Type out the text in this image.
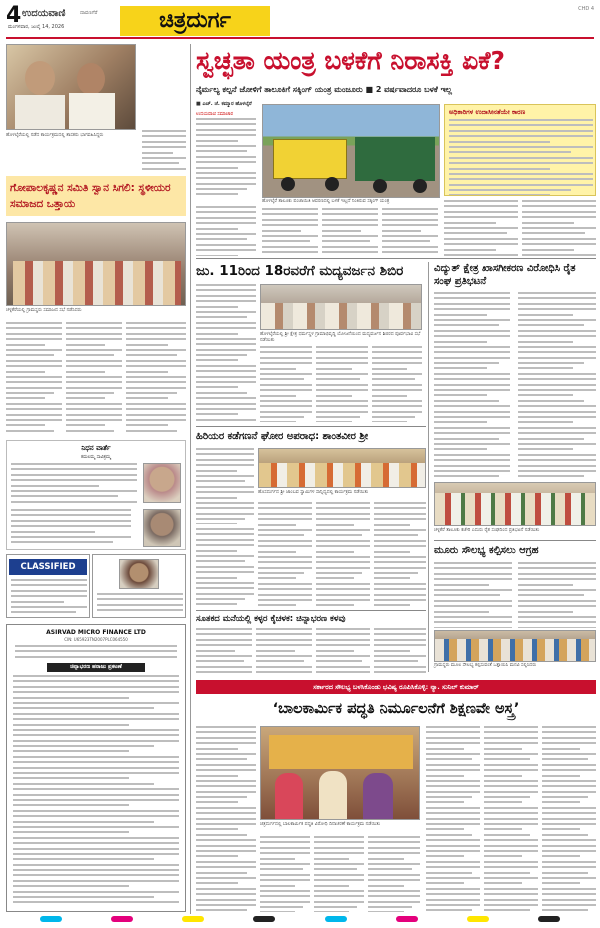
4 ಉದಯವಾಣಿ	ದಾವಣಗೆರೆ
ಮಂಗಳವಾರ, ಜುಲೈ 14, 2026	ಚಿತ್ರದುರ್ಗ	CHD 4
ಹೊಳಲ್ಕೆರೆಯಲ್ಲಿ ನಡೆದ ಕಾರ್ಯಕ್ರಮದಲ್ಲಿ ಶಾಸಕರು ಭಾಗವಹಿಸಿದ್ದರು
ಗೋಪಾಲಕೃಷ್ಣನ ಸಮಿತಿ ಸ್ವಾನ ಸಿಗಲಿ: ಸ್ಥಳೀಯರ ಸಮಾಜದ ಒತ್ತಾಯ
ಚಳ್ಳಕೆರೆಯಲ್ಲಿ ಗ್ರಾಮಸ್ಥರು ಸಮಾಜದ ಸಭೆ ನಡೆಸಿದರು
ನಿಧನ ವಾರ್ತೆ
ಕಮಲಮ್ಮ ಸಾವಿತ್ರಮ್ಮ
CLASSIFIED
ASIRVAD MICRO FINANCE LTD
CIN: U65923TN2007PLC064550
ಚಿನ್ನಾಭರಣ ಹರಾಜು ಪ್ರಕಟಣೆ
ಸ್ವಚ್ಛತಾ ಯಂತ್ರ ಬಳಕೆಗೆ ನಿರಾಸಕ್ತಿ ಏಕೆ?
ನೈರ್ಮಲ್ಯ ಕಲ್ಪನೆ ಜೋಳಿಗೆ ತಾಲೂಕಿಗೆ ಸಕ್ಕಿಂಗ್ ಯಂತ್ರ ಮಂಜೂರು ■ 2 ವರ್ಷವಾದರೂ ಬಳಕೆ ಇಲ್ಲ
■ ಎಚ್. ಜೆ. ಕಮ್ಮಾರ ಹೊಳಲ್ಕೆರೆ
ಉದಯವಾಣಿ ಸಮಾಚಾರ
ಹೊಳಲ್ಕೆರೆ ತಾಲೂಕು ಪಂಚಾಯಿತಿ ಆವರಣದಲ್ಲಿ ಬಳಕೆ ಇಲ್ಲದೆ ನಿಂತಿರುವ ಸಕ್ಕಿಂಗ್ ಯಂತ್ರ
ಅಧಿಕಾರಿಗಳ ಉದಾಸೀನತೆಯೇ ಕಾರಣ
ಜು. 11ರಿಂದ 18ರವರೆಗೆ ಮದ್ಯವರ್ಜನ ಶಿಬಿರ
ಹೊಳಲ್ಕೆರೆಯಲ್ಲಿ ಶ್ರೀ ಕ್ಷೇತ್ರ ಧರ್ಮಸ್ಥಳ ಗ್ರಾಮಾಭಿವೃದ್ಧಿ ಯೋಜನೆಯಿಂದ ಮದ್ಯವರ್ಜನ ಶಿಬಿರದ ಪೂರ್ವಭಾವಿ ಸಭೆ ನಡೆಯಿತು
ವಿದ್ಯುತ್ ಕ್ಷೇತ್ರ ಖಾಸಗೀಕರಣ ವಿರೋಧಿಸಿ ರೈತ ಸಂಘ ಪ್ರತಿಭಟನೆ
ಚಳ್ಳಕೆರೆ ತಾಲೂಕು ಕಚೇರಿ ಎದುರು ರೈತ ಸಂಘದಿಂದ ಪ್ರತಿಭಟನೆ ನಡೆಯಿತು
ಹಿರಿಯರ ಕಡೆಗಣನೆ ಘೋರ ಅಪರಾಧ: ಶಾಂತವೀರ ಶ್ರೀ
ಹೊಸದುರ್ಗದ ಶ್ರೀ ಜಾಂಬವ ಸ್ವಾಮಿಗಳ ಸಾನ್ನಿಧ್ಯದಲ್ಲಿ ಕಾರ್ಯಕ್ರಮ ನಡೆಯಿತು
ಮೂರು ಸೌಲಭ್ಯ ಕಲ್ಪಿಸಲು ಆಗ್ರಹ
ಗ್ರಾಮಸ್ಥರು ಮೂಲ ಸೌಲಭ್ಯ ಕಲ್ಪಿಸುವಂತೆ ಒತ್ತಾಯಿಸಿ ಮನವಿ ಸಲ್ಲಿಸಿದರು
ಸೂತಕದ ಮನೆಯಲ್ಲಿ ಕಳ್ಳರ ಕೈಚಳಕ: ಚಿನ್ನಾಭರಣ ಕಳವು
ಸರ್ಕಾರದ ಸೌಲಭ್ಯ ಬಳಸಿಕೊಂಡು ಭವಿಷ್ಯ ರೂಪಿಸಿಕೊಳ್ಳಿ: ನ್ಯಾ. ಸುನಿಲ್ ಕುಮಾರ್
‘ಬಾಲಕಾರ್ಮಿಕ ಪದ್ಧತಿ ನಿರ್ಮೂಲನೆಗೆ ಶಿಕ್ಷಣವೇ ಅಸ್ತ್ರ’
ಚಿತ್ರದುರ್ಗದಲ್ಲಿ ಬಾಲಕಾರ್ಮಿಕ ಪದ್ಧತಿ ವಿರೋಧಿ ದಿನಾಚರಣೆ ಕಾರ್ಯಕ್ರಮ ನಡೆಯಿತು
